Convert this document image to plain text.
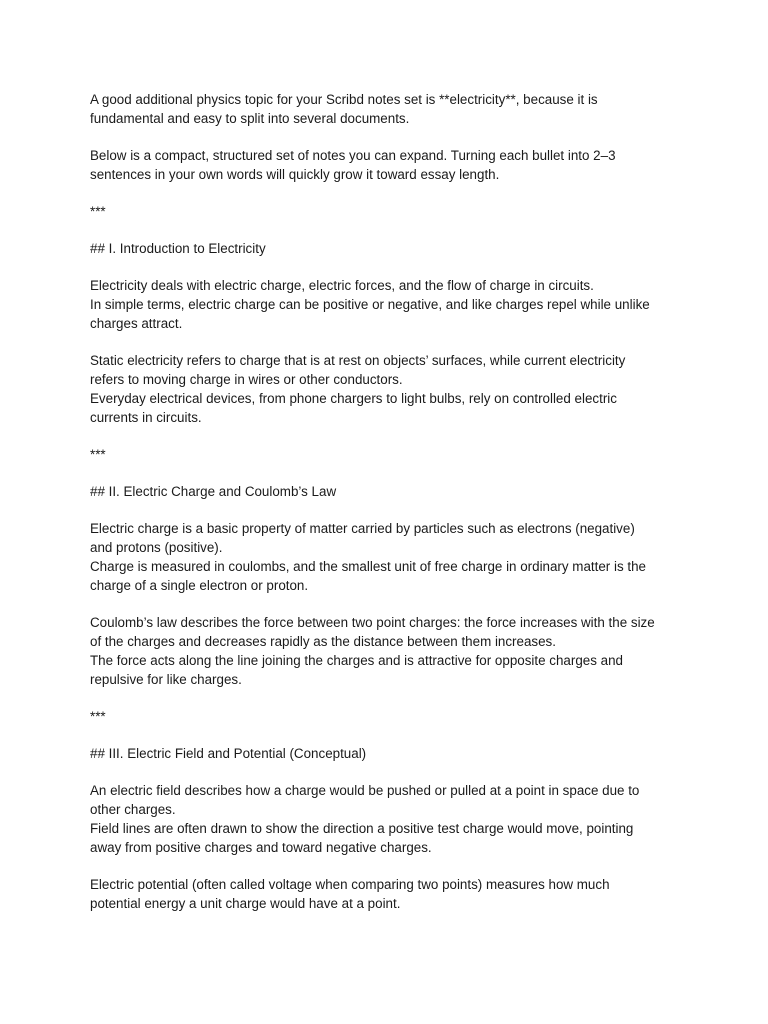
A good additional physics topic for your Scribd notes set is **electricity**, because it is
fundamental and easy to split into several documents.

Below is a compact, structured set of notes you can expand. Turning each bullet into 2–3
sentences in your own words will quickly grow it toward essay length.

***

## I. Introduction to Electricity

Electricity deals with electric charge, electric forces, and the flow of charge in circuits.
In simple terms, electric charge can be positive or negative, and like charges repel while unlike
charges attract.

Static electricity refers to charge that is at rest on objects’ surfaces, while current electricity
refers to moving charge in wires or other conductors.
Everyday electrical devices, from phone chargers to light bulbs, rely on controlled electric
currents in circuits.

***

## II. Electric Charge and Coulomb’s Law

Electric charge is a basic property of matter carried by particles such as electrons (negative)
and protons (positive).
Charge is measured in coulombs, and the smallest unit of free charge in ordinary matter is the
charge of a single electron or proton.

Coulomb’s law describes the force between two point charges: the force increases with the size
of the charges and decreases rapidly as the distance between them increases.
The force acts along the line joining the charges and is attractive for opposite charges and
repulsive for like charges.

***

## III. Electric Field and Potential (Conceptual)

An electric field describes how a charge would be pushed or pulled at a point in space due to
other charges.
Field lines are often drawn to show the direction a positive test charge would move, pointing
away from positive charges and toward negative charges.

Electric potential (often called voltage when comparing two points) measures how much
potential energy a unit charge would have at a point.
